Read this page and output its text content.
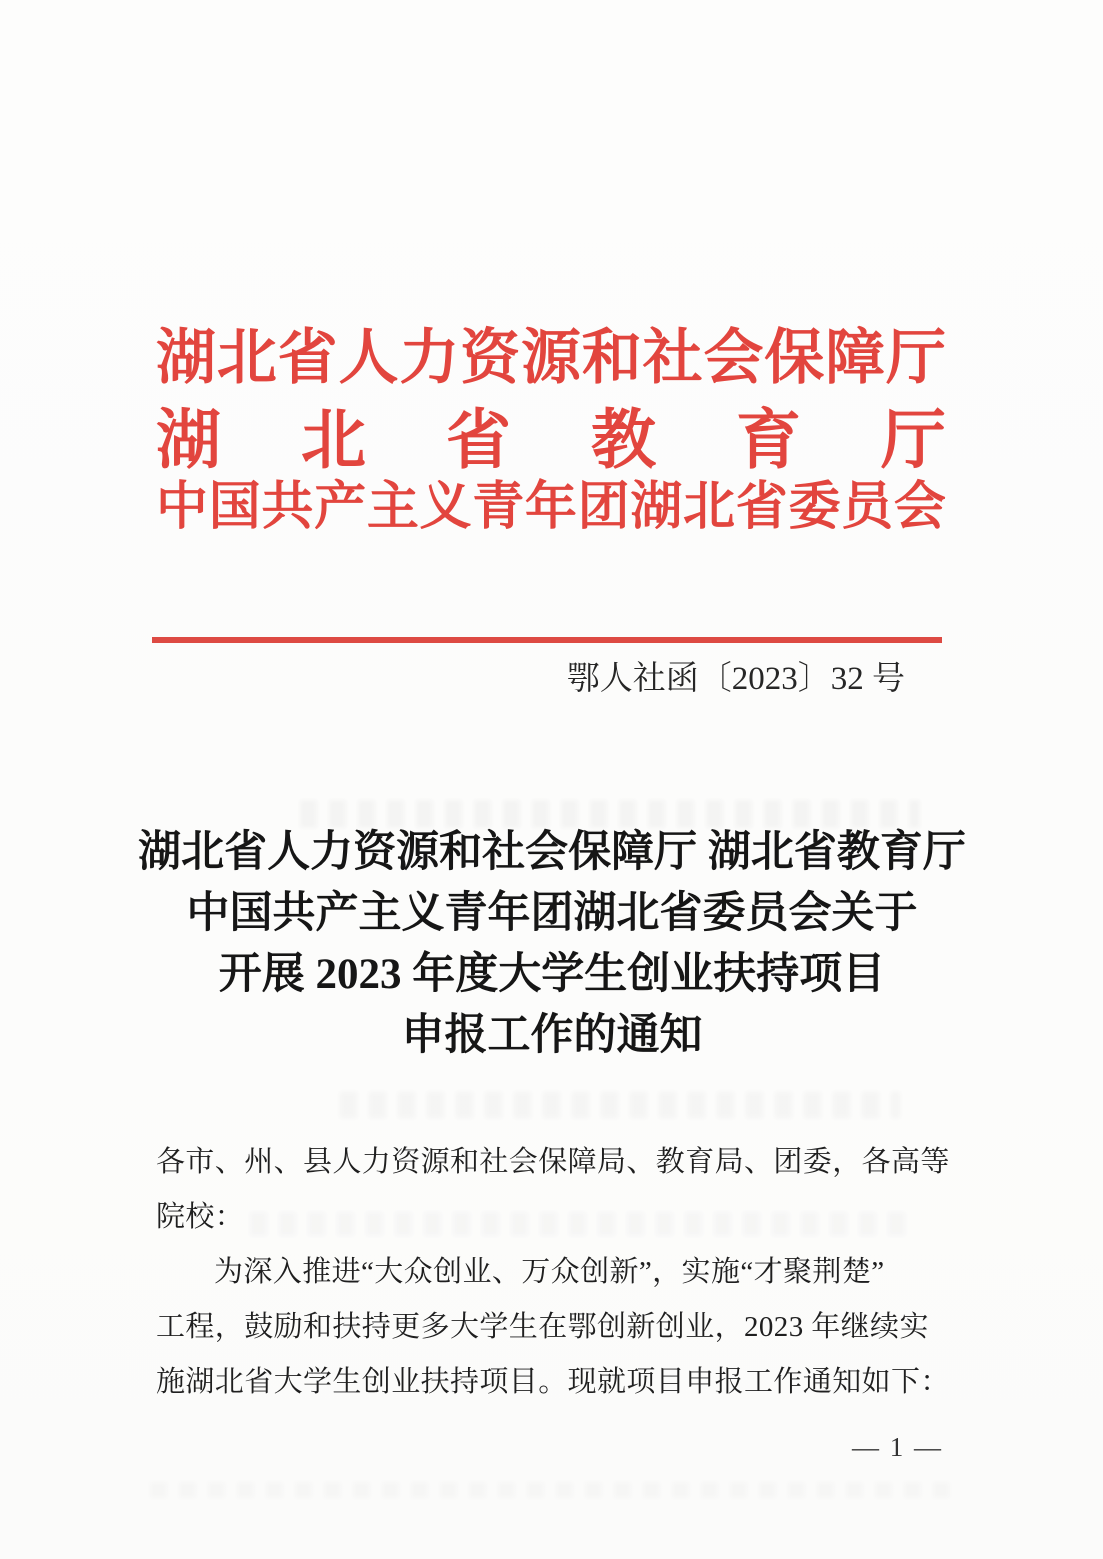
湖 北 省 人 力 资 源 和 社 会 保 障 厅
湖 北 省 教 育 厅
中 国 共 产 主 义 青 年 团 湖 北 省 委 员 会
鄂人社函〔2023〕32 号
湖北省人力资源和社会保障厅 湖北省教育厅
中国共产主义青年团湖北省委员会关于
开展 2023 年度大学生创业扶持项目
申报工作的通知
各市、州、县人力资源和社会保障局、教育局、团委，各高等
院校：
为深入推进“大众创业、万众创新”，实施“才聚荆楚”
工程，鼓励和扶持更多大学生在鄂创新创业，2023 年继续实
施湖北省大学生创业扶持项目。现就项目申报工作通知如下：
— 1 —
